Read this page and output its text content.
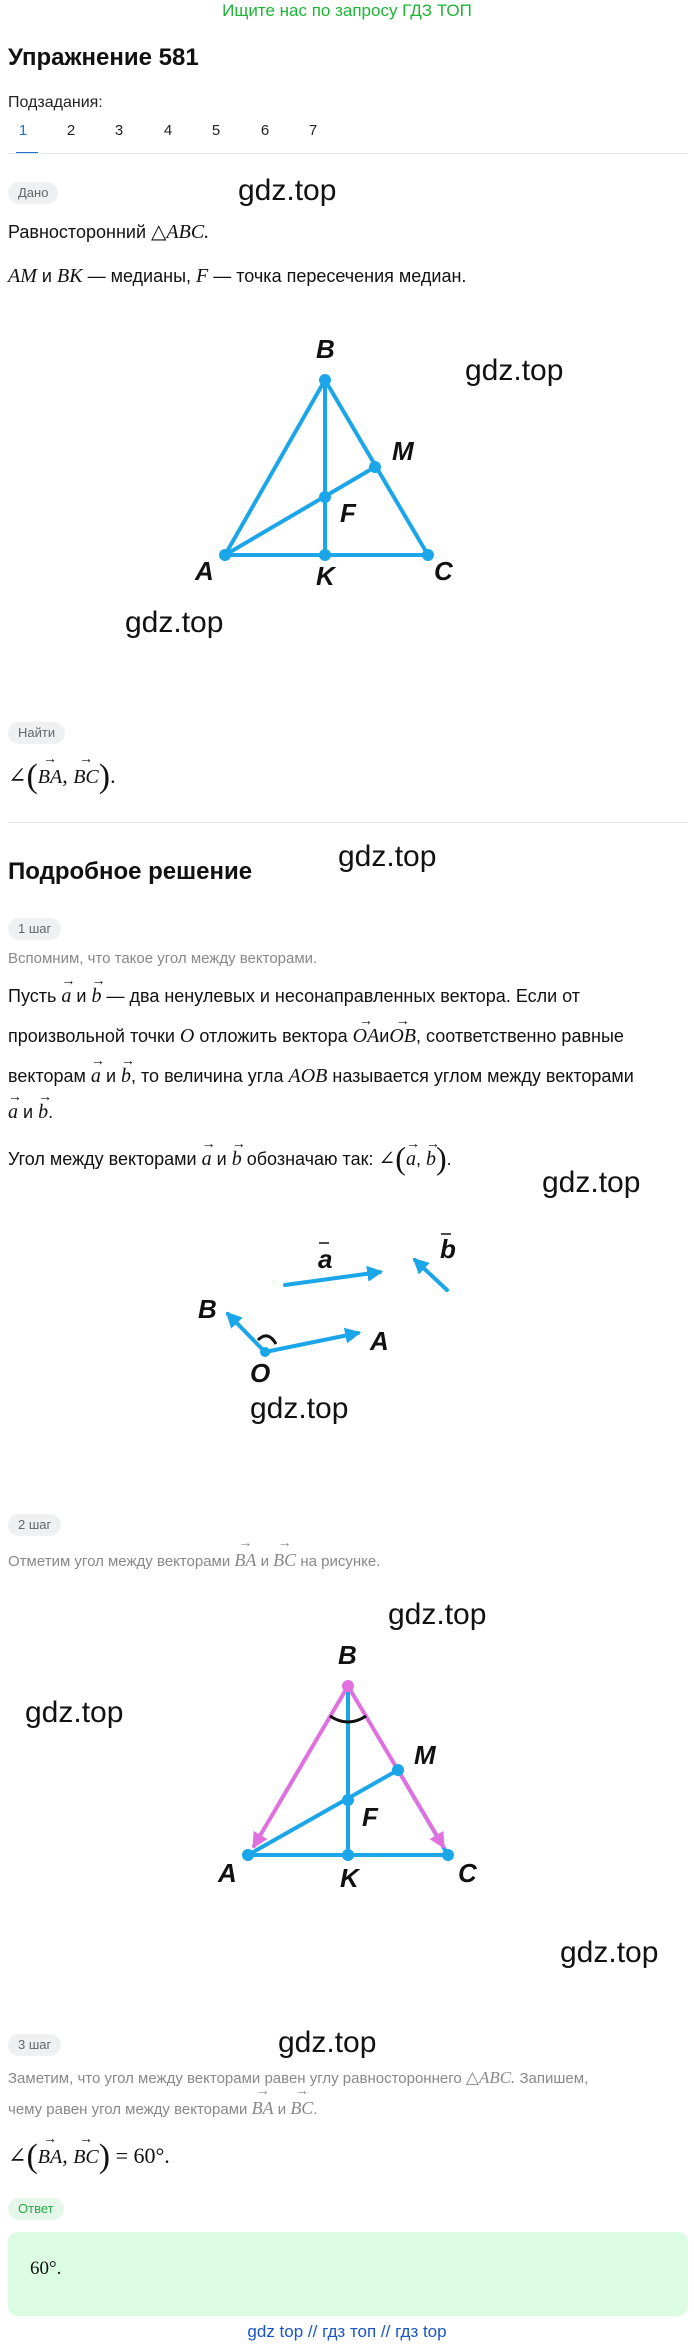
Ищите нас по запросу ГДЗ ТОП
Упражнение 581
Подзадания:
1	2	3	4	5	6	7
Дано	gdz.top
Равносторонний △ABC.
AM и BK — медианы, F — точка пересечения медиан.
B
M
F
A	K	C
gdz.top
gdz.top
Найти
∠(BA →, BC →).
Подробное решение	gdz.top
1 шаг
Вспомним, что такое угол между векторами.
Пусть a → и b → — два ненулевых и несонаправленных вектора. Если от
произвольной точки O отложить вектора OA →иOB →, соответственно равные
векторам a → и b →, то величина угла AOB называется углом между векторами
a → и b →.
Угол между векторами a → и b → обозначаю так: ∠(a →, b →).
gdz.top
a	b
B
A
O
gdz.top
2 шаг
Отметим угол между векторами BA → и BC → на рисунке.
gdz.top
gdz.top
B
M
F
A	K	C
gdz.top
3 шаг	gdz.top
Заметим, что угол между векторами равен углу равностороннего △ABC. Запишем,
чему равен угол между векторами BA → и BC →.
∠(BA →, BC →) = 60°.
Ответ
60°.
gdz top // гдз топ // гдз top
